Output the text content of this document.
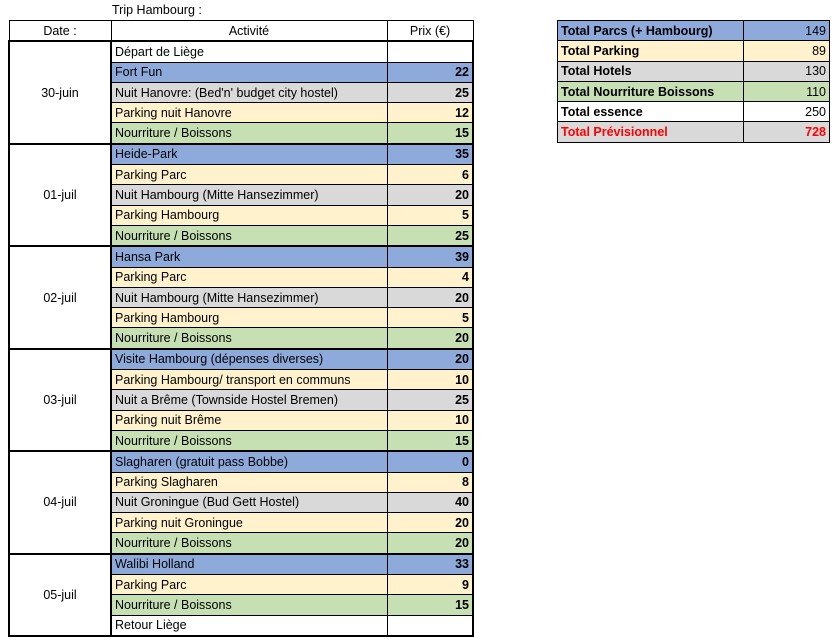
Trip Hambourg :
Date :	Activité	Prix (€)
30-juin	Départ de Liège	
	Fort Fun	22
	Nuit Hanovre: (Bed'n' budget city hostel)	25
	Parking nuit Hanovre	12
	Nourriture / Boissons	15
01-juil	Heide-Park	35
	Parking Parc	6
	Nuit Hambourg (Mitte Hansezimmer)	20
	Parking Hambourg	5
	Nourriture / Boissons	25
02-juil	Hansa Park	39
	Parking Parc	4
	Nuit Hambourg (Mitte Hansezimmer)	20
	Parking Hambourg	5
	Nourriture / Boissons	20
03-juil	Visite Hambourg (dépenses diverses)	20
	Parking Hambourg/ transport en communs	10
	Nuit a Brême (Townside Hostel Bremen)	25
	Parking nuit Brême	10
	Nourriture / Boissons	15
04-juil	Slagharen (gratuit pass Bobbe)	0
	Parking Slagharen	8
	Nuit Groningue (Bud Gett Hostel)	40
	Parking nuit Groningue	20
	Nourriture / Boissons	20
05-juil	Walibi Holland	33
	Parking Parc	9
	Nourriture / Boissons	15
	Retour Liège	
Total Parcs (+ Hambourg)	149
Total Parking	89
Total Hotels	130
Total Nourriture Boissons	110
Total essence	250
Total Prévisionnel	728
